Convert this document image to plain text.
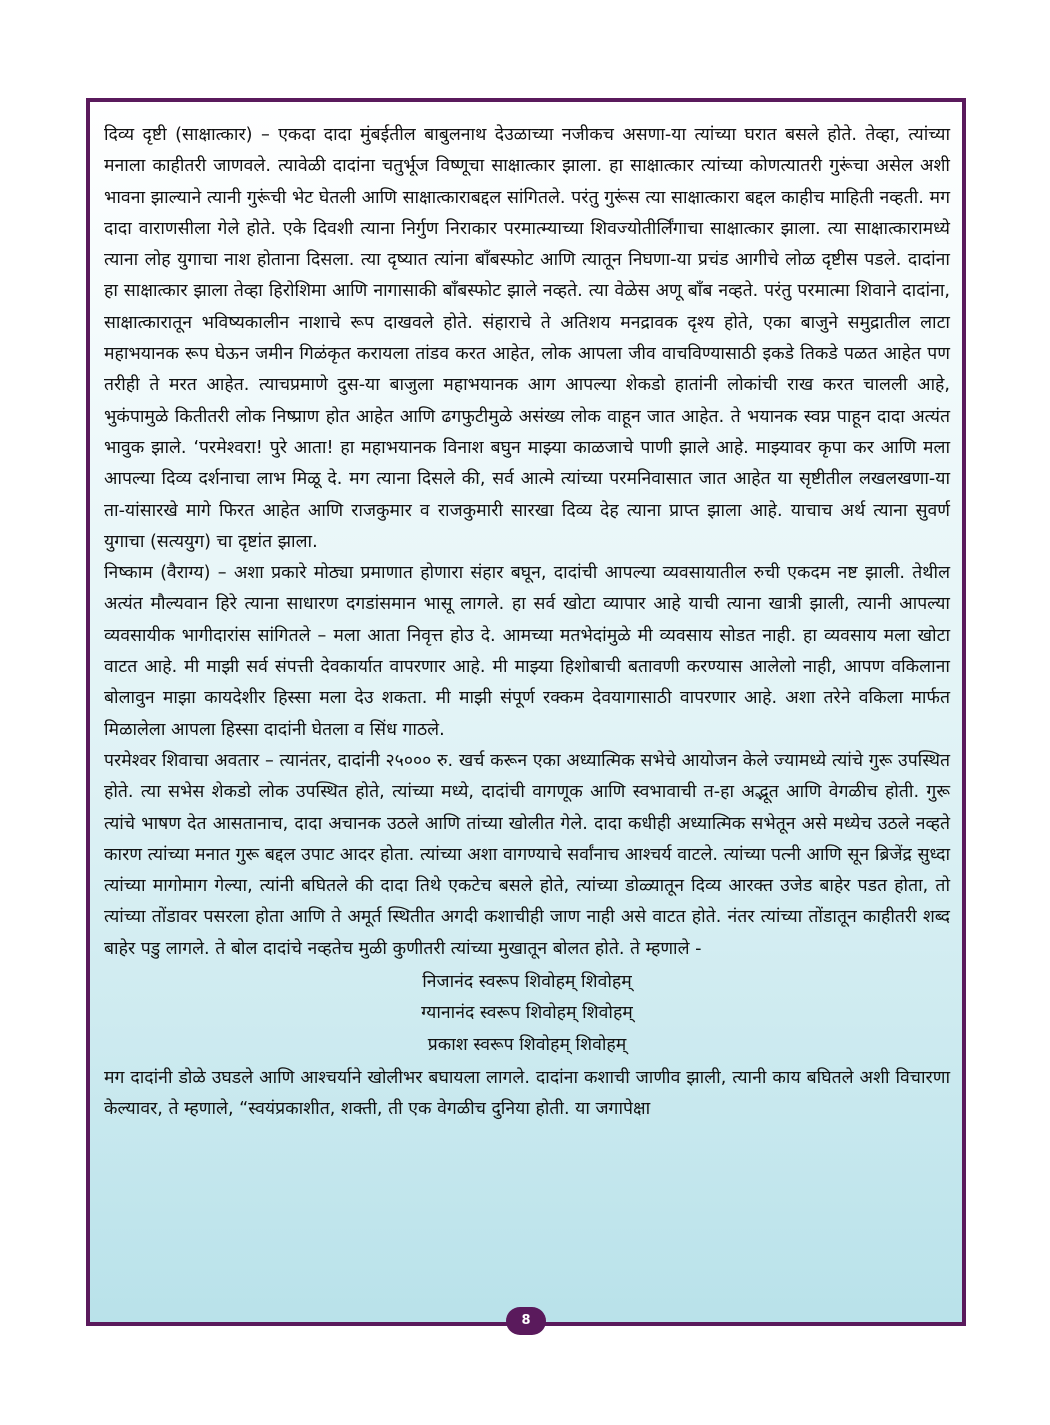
दिव्य दृष्टी (साक्षात्कार) – एकदा दादा मुंबईतील बाबुलनाथ देउळाच्या नजीकच असणा-या त्यांच्या घरात बसले होते. तेव्हा, त्यांच्या मनाला काहीतरी जाणवले. त्यावेळी दादांना चतुर्भूज विष्णूचा साक्षात्कार झाला. हा साक्षात्कार त्यांच्या कोणत्यातरी गुरूंचा असेल अशी भावना झाल्याने त्यानी गुरूंची भेट घेतली आणि साक्षात्काराबद्दल सांगितले. परंतु गुरूंस त्या साक्षात्कारा बद्दल काहीच माहिती नव्हती. मग दादा वाराणसीला गेले होते. एके दिवशी त्याना निर्गुण निराकार परमात्म्याच्या शिवज्योतीर्लिंगाचा साक्षात्कार झाला. त्या साक्षात्कारामध्ये त्याना लोह युगाचा नाश होताना दिसला. त्या दृष्यात त्यांना बाँबस्फोट आणि त्यातून निघणा-या प्रचंड आगीचे लोळ दृष्टीस पडले. दादांना हा साक्षात्कार झाला तेव्हा हिरोशिमा आणि नागासाकी बाँबस्फोट झाले नव्हते. त्या वेळेस अणू बाँब नव्हते. परंतु परमात्मा शिवाने दादांना, साक्षात्कारातून भविष्यकालीन नाशाचे रूप दाखवले होते. संहाराचे ते अतिशय मनद्रावक दृश्य होते, एका बाजुने समुद्रातील लाटा महाभयानक रूप घेऊन जमीन गिळंकृत करायला तांडव करत आहेत, लोक आपला जीव वाचविण्यासाठी इकडे तिकडे पळत आहेत पण तरीही ते मरत आहेत. त्याचप्रमाणे दुस-या बाजुला महाभयानक आग आपल्या शेकडो हातांनी लोकांची राख करत चालली आहे, भुकंपामुळे कितीतरी लोक निष्प्राण होत आहेत आणि ढगफुटीमुळे असंख्य लोक वाहून जात आहेत. ते भयानक स्वप्न पाहून दादा अत्यंत भावुक झाले. ‘परमेश्वरा! पुरे आता! हा महाभयानक विनाश बघुन माझ्या काळजाचे पाणी झाले आहे. माझ्यावर कृपा कर आणि मला आपल्या दिव्य दर्शनाचा लाभ मिळू दे. मग त्याना दिसले की, सर्व आत्मे त्यांच्या परमनिवासात जात आहेत या सृष्टीतील लखलखणा-या ता-यांसारखे मागे फिरत आहेत आणि राजकुमार व राजकुमारी सारखा दिव्य देह त्याना प्राप्त झाला आहे. याचाच अर्थ त्याना सुवर्ण युगाचा (सत्ययुग) चा दृष्टांत झाला.

निष्काम (वैराग्य) – अशा प्रकारे मोठ्या प्रमाणात होणारा संहार बघून, दादांची आपल्या व्यवसायातील रुची एकदम नष्ट झाली. तेथील अत्यंत मौल्यवान हिरे त्याना साधारण दगडांसमान भासू लागले. हा सर्व खोटा व्यापार आहे याची त्याना खात्री झाली, त्यानी आपल्या व्यवसायीक भागीदारांस सांगितले – मला आता निवृत्त होउ दे. आमच्या मतभेदांमुळे मी व्यवसाय सोडत नाही. हा व्यवसाय मला खोटा वाटत आहे. मी माझी सर्व संपत्ती देवकार्यात वापरणार आहे. मी माझ्या हिशोबाची बतावणी करण्यास आलेलो नाही, आपण वकिलाना बोलावुन माझा कायदेशीर हिस्सा मला देउ शकता. मी माझी संपूर्ण रक्कम देवयागासाठी वापरणार आहे. अशा तरेने वकिला मार्फत मिळालेला आपला हिस्सा दादांनी घेतला व सिंध गाठले.

परमेश्वर शिवाचा अवतार – त्यानंतर, दादांनी २५००० रु. खर्च करून एका अध्यात्मिक सभेचे आयोजन केले ज्यामध्ये त्यांचे गुरू उपस्थित होते. त्या सभेस शेकडो लोक उपस्थित होते, त्यांच्या मध्ये, दादांची वागणूक आणि स्वभावाची त-हा अद्भूत आणि वेगळीच होती. गुरू त्यांचे भाषण देत आसतानाच, दादा अचानक उठले आणि तांच्या खोलीत गेले. दादा कधीही अध्यात्मिक सभेतून असे मध्येच उठले नव्हते कारण त्यांच्या मनात गुरू बद्दल उपाट आदर होता. त्यांच्या अशा वागण्याचे सर्वांनाच आश्चर्य वाटले. त्यांच्या पत्नी आणि सून ब्रिजेंद्र सुध्दा त्यांच्या मागोमाग गेल्या, त्यांनी बघितले की दादा तिथे एकटेच बसले होते, त्यांच्या डोळ्यातून दिव्य आरक्त उजेड बाहेर पडत होता, तो त्यांच्या तोंडावर पसरला होता आणि ते अमूर्त स्थितीत अगदी कशाचीही जाण नाही असे वाटत होते. नंतर त्यांच्या तोंडातून काहीतरी शब्द बाहेर पडु लागले. ते बोल दादांचे नव्हतेच मुळी कुणीतरी त्यांच्या मुखातून बोलत होते. ते म्हणाले -

निजानंद स्वरूप शिवोहम् शिवोहम्
ग्यानानंद स्वरूप शिवोहम् शिवोहम्
प्रकाश स्वरूप शिवोहम् शिवोहम्

मग दादांनी डोळे उघडले आणि आश्चर्याने खोलीभर बघायला लागले. दादांना कशाची जाणीव झाली, त्यानी काय बघितले अशी विचारणा केल्यावर, ते म्हणाले, “स्वयंप्रकाशीत, शक्ती, ती एक वेगळीच दुनिया होती. या जगापेक्षा

8
